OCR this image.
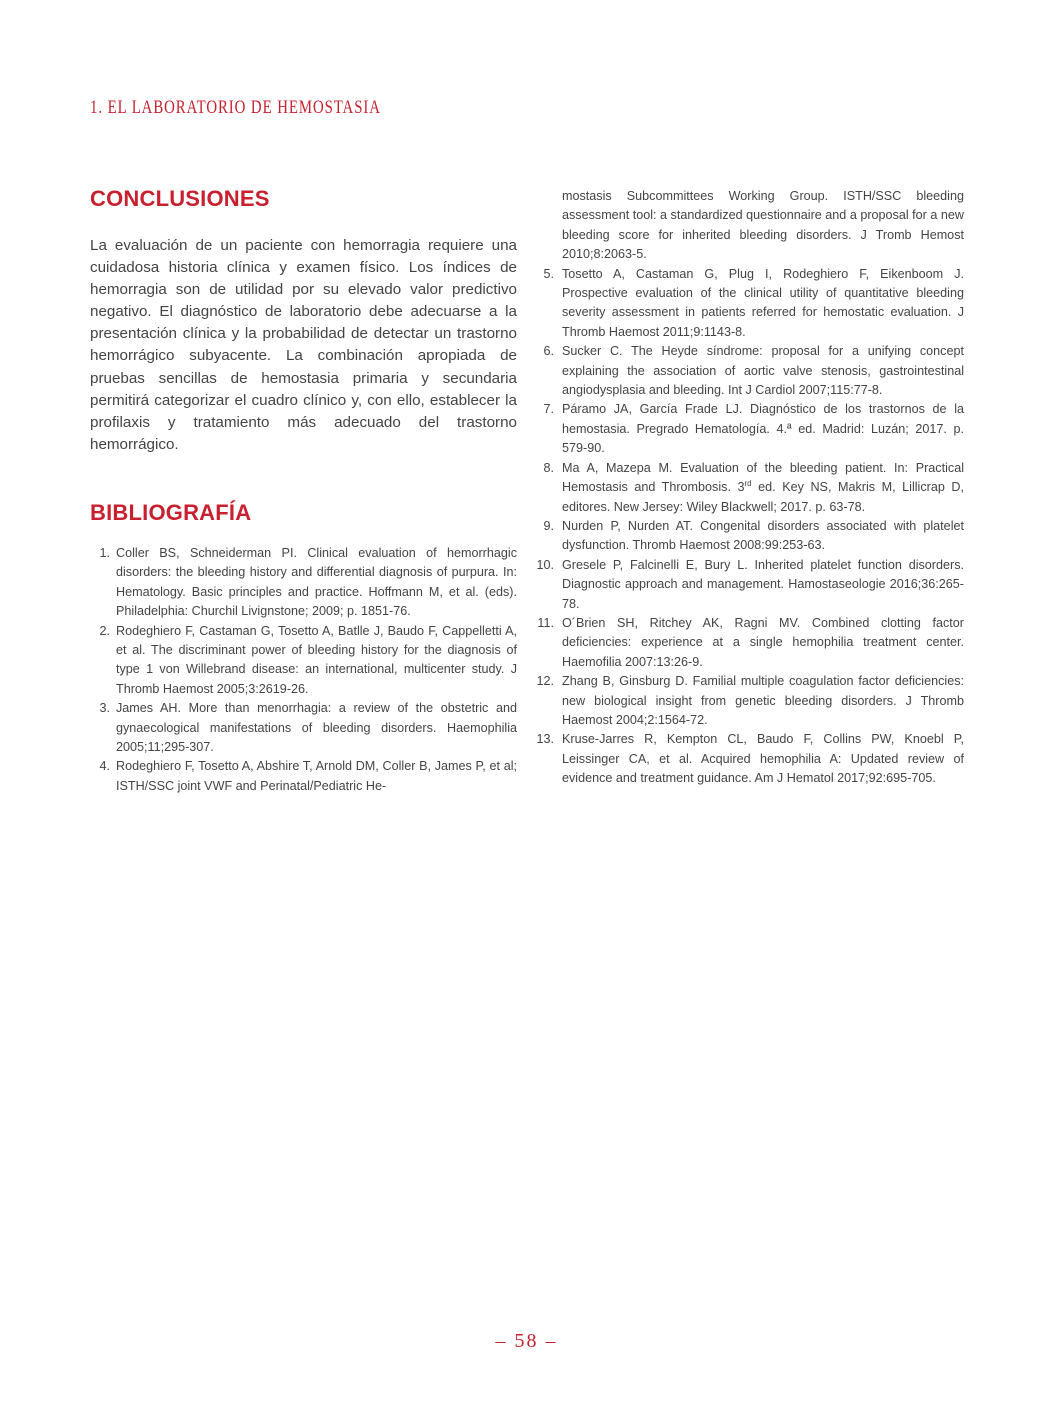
1. EL LABORATORIO DE HEMOSTASIA
CONCLUSIONES

La evaluación de un paciente con hemorragia requiere una cuidadosa historia clínica y examen físico. Los índices de hemorragia son de utilidad por su elevado valor predictivo negativo. El diagnóstico de laboratorio debe adecuarse a la presentación clínica y la probabilidad de detectar un trastorno hemorrágico subyacente. La combinación apropiada de pruebas sencillas de hemostasia primaria y secundaria permitirá categorizar el cuadro clínico y, con ello, establecer la profilaxis y tratamiento más adecuado del trastorno hemorrágico.

BIBLIOGRAFÍA
1. Coller BS, Schneiderman PI. Clinical evaluation of hemorrhagic disorders: the bleeding history and differential diagnosis of purpura. In: Hematology. Basic principles and practice. Hoffmann M, et al. (eds). Philadelphia: Churchil Livignstone; 2009; p. 1851-76.
2. Rodeghiero F, Castaman G, Tosetto A, Batlle J, Baudo F, Cappelletti A, et al. The discriminant power of bleeding history for the diagnosis of type 1 von Willebrand disease: an international, multicenter study. J Thromb Haemost 2005;3:2619-26.
3. James AH. More than menorrhagia: a review of the obstetric and gynaecological manifestations of bleeding disorders. Haemophilia 2005;11;295-307.
4. Rodeghiero F, Tosetto A, Abshire T, Arnold DM, Coller B, James P, et al; ISTH/SSC joint VWF and Perinatal/Pediatric He-

mostasis Subcommittees Working Group. ISTH/SSC bleeding assessment tool: a standardized questionnaire and a proposal for a new bleeding score for inherited bleeding disorders. J Tromb Hemost 2010;8:2063-5.

5. Tosetto A, Castaman G, Plug I, Rodeghiero F, Eikenboom J. Prospective evaluation of the clinical utility of quantitative bleeding severity assessment in patients referred for hemostatic evaluation. J Thromb Haemost 2011;9:1143-8.
6. Sucker C. The Heyde síndrome: proposal for a unifying concept explaining the association of aortic valve stenosis, gastrointestinal angiodysplasia and bleeding. Int J Cardiol 2007;115:77-8.
7. Páramo JA, García Frade LJ. Diagnóstico de los trastornos de la hemostasia. Pregrado Hematología. 4.ª ed. Madrid: Luzán; 2017. p. 579-90.
8. Ma A, Mazepa M. Evaluation of the bleeding patient. In: Practical Hemostasis and Thrombosis. 3rd ed. Key NS, Makris M, Lillicrap D, editores. New Jersey: Wiley Blackwell; 2017. p. 63-78.
9. Nurden P, Nurden AT. Congenital disorders associated with platelet dysfunction. Thromb Haemost 2008:99:253-63.
10. Gresele P, Falcinelli E, Bury L. Inherited platelet function disorders. Diagnostic approach and management. Hamostaseologie 2016;36:265-78.
11. O´Brien SH, Ritchey AK, Ragni MV. Combined clotting factor deficiencies: experience at a single hemophilia treatment center. Haemofilia 2007:13:26-9.
12. Zhang B, Ginsburg D. Familial multiple coagulation factor deficiencies: new biological insight from genetic bleeding disorders. J Thromb Haemost 2004;2:1564-72.
13. Kruse-Jarres R, Kempton CL, Baudo F, Collins PW, Knoebl P, Leissinger CA, et al. Acquired hemophilia A: Updated review of evidence and treatment guidance. Am J Hematol 2017;92:695-705.
– 58 –
